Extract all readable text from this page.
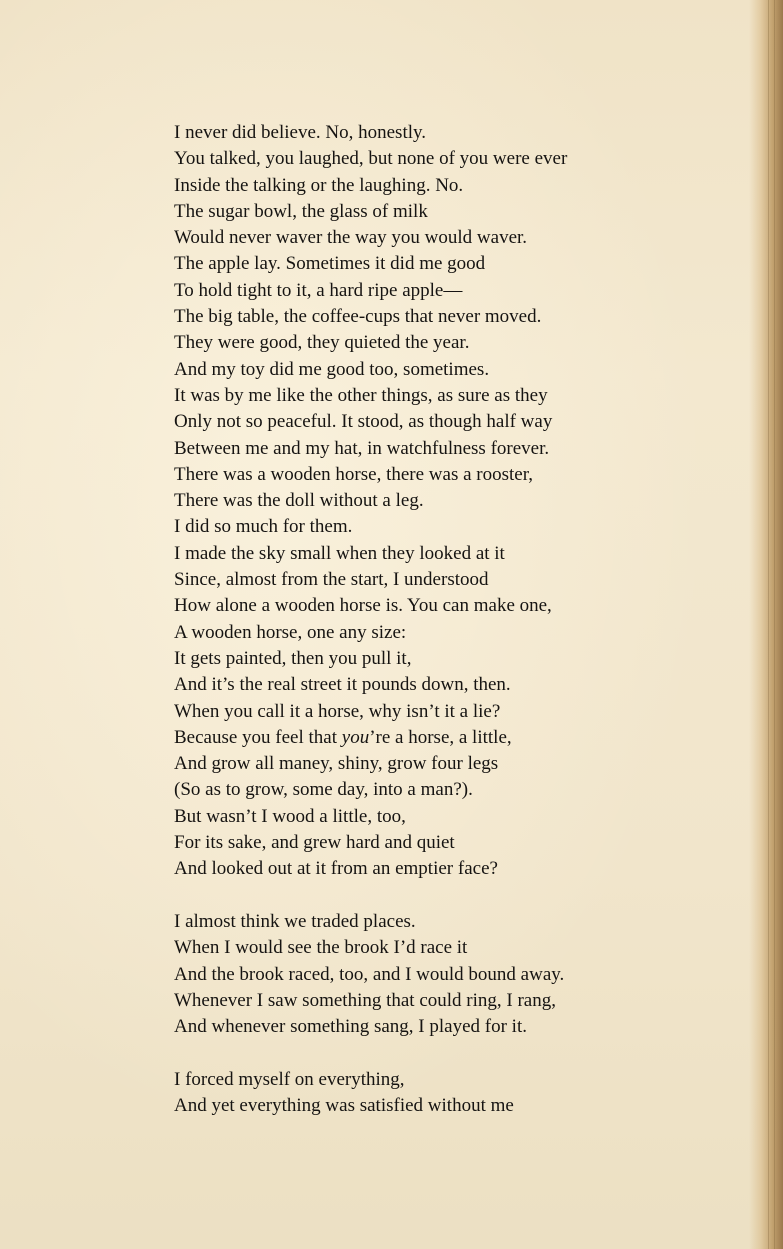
I never did believe. No, honestly.
You talked, you laughed, but none of you were ever
Inside the talking or the laughing. No.
The sugar bowl, the glass of milk
Would never waver the way you would waver.
The apple lay. Sometimes it did me good
To hold tight to it, a hard ripe apple—
The big table, the coffee-cups that never moved.
They were good, they quieted the year.
And my toy did me good too, sometimes.
It was by me like the other things, as sure as they
Only not so peaceful. It stood, as though half way
Between me and my hat, in watchfulness forever.
There was a wooden horse, there was a rooster,
There was the doll without a leg.
I did so much for them.
I made the sky small when they looked at it
Since, almost from the start, I understood
How alone a wooden horse is. You can make one,
A wooden horse, one any size:
It gets painted, then you pull it,
And it’s the real street it pounds down, then.
When you call it a horse, why isn’t it a lie?
Because you feel that you’re a horse, a little,
And grow all maney, shiny, grow four legs
(So as to grow, some day, into a man?).
But wasn’t I wood a little, too,
For its sake, and grew hard and quiet
And looked out at it from an emptier face?
I almost think we traded places.
When I would see the brook I’d race it
And the brook raced, too, and I would bound away.
Whenever I saw something that could ring, I rang,
And whenever something sang, I played for it.
I forced myself on everything,
And yet everything was satisfied without me
